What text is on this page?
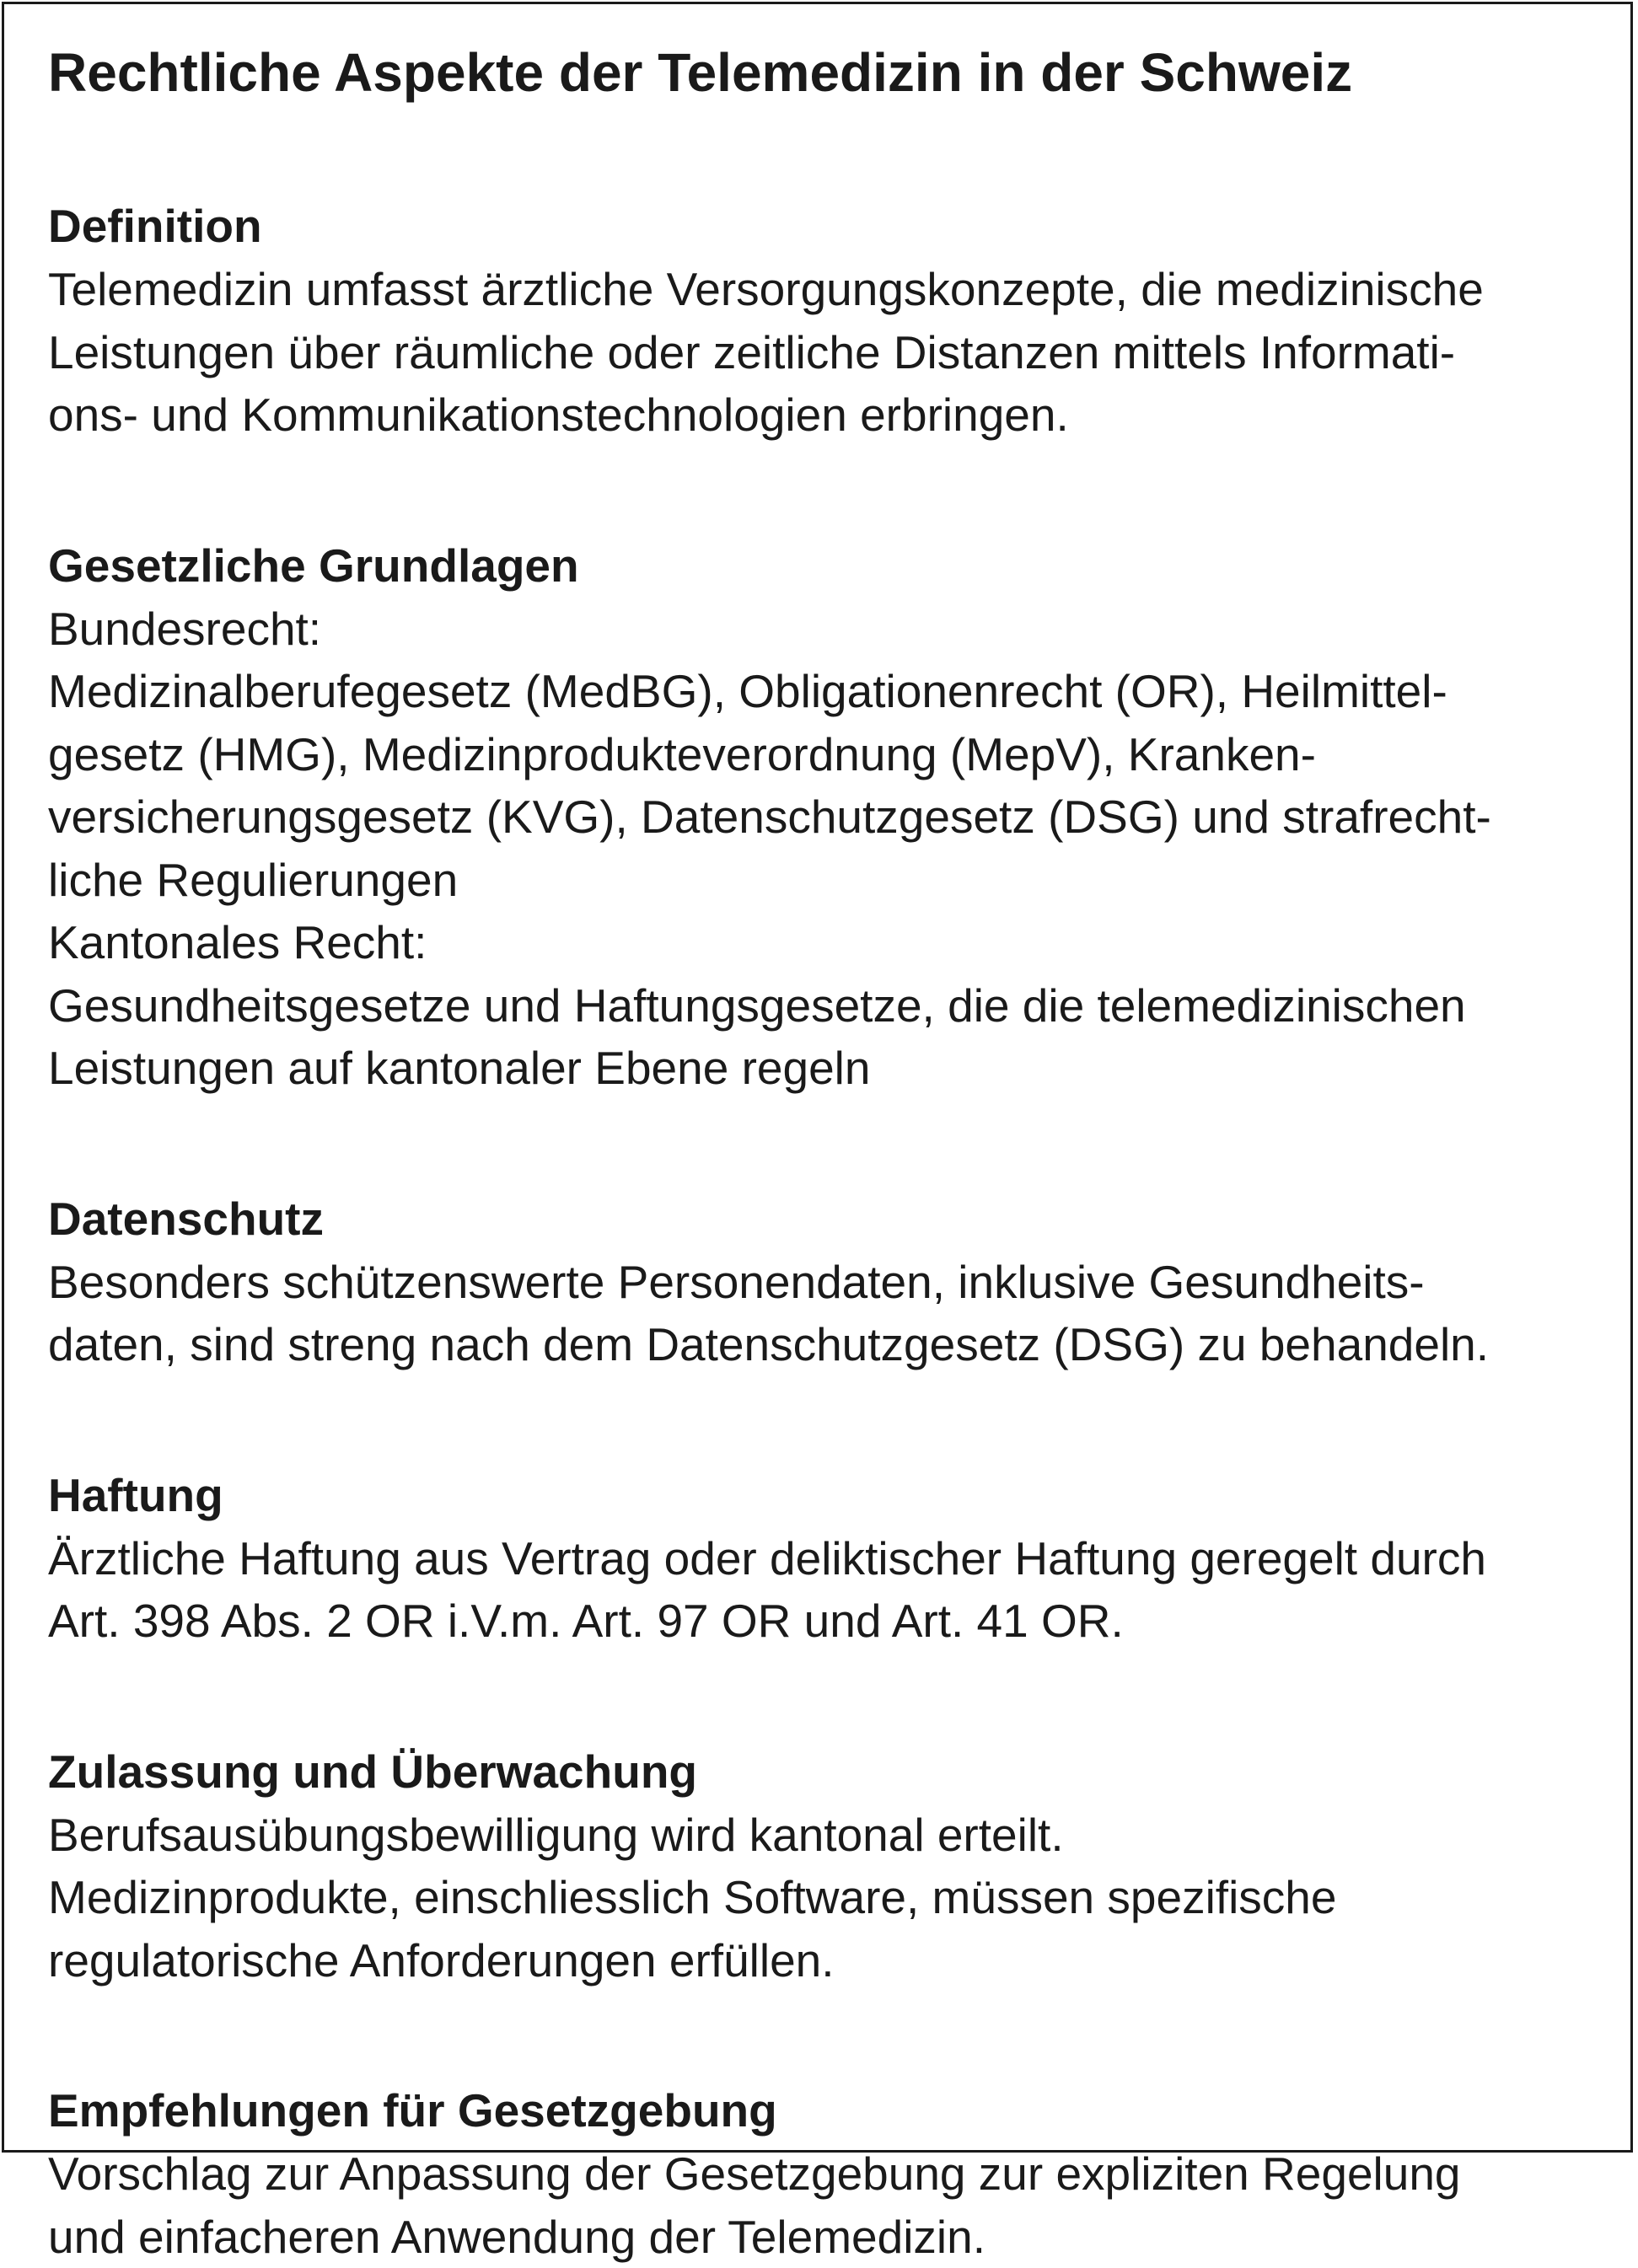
Rechtliche Aspekte der Telemedizin in der Schweiz

Definition

Telemedizin umfasst ärztliche Versorgungskonzepte, die medizinische

Leistungen über räumliche oder zeitliche Distanzen mittels Informati-

ons- und Kommunikationstechnologien erbringen.

Gesetzliche Grundlagen

Bundesrecht:

Medizinalberufegesetz (MedBG), Obligationenrecht (OR), Heilmittel-

gesetz (HMG), Medizinprodukteverordnung (MepV), Kranken-

versicherungsgesetz (KVG), Datenschutzgesetz (DSG) und strafrecht-

liche Regulierungen

Kantonales Recht:

Gesundheitsgesetze und Haftungsgesetze, die die telemedizinischen

Leistungen auf kantonaler Ebene regeln

Datenschutz

Besonders schützenswerte Personendaten, inklusive Gesundheits-

daten, sind streng nach dem Datenschutzgesetz (DSG) zu behandeln.

Haftung

Ärztliche Haftung aus Vertrag oder deliktischer Haftung geregelt durch

Art. 398 Abs. 2 OR i.V.m. Art. 97 OR und Art. 41 OR.

Zulassung und Überwachung

Berufsausübungsbewilligung wird kantonal erteilt.

Medizinprodukte, einschliesslich Software, müssen spezifische

regulatorische Anforderungen erfüllen.

Empfehlungen für Gesetzgebung

Vorschlag zur Anpassung der Gesetzgebung zur expliziten Regelung

und einfacheren Anwendung der Telemedizin.
